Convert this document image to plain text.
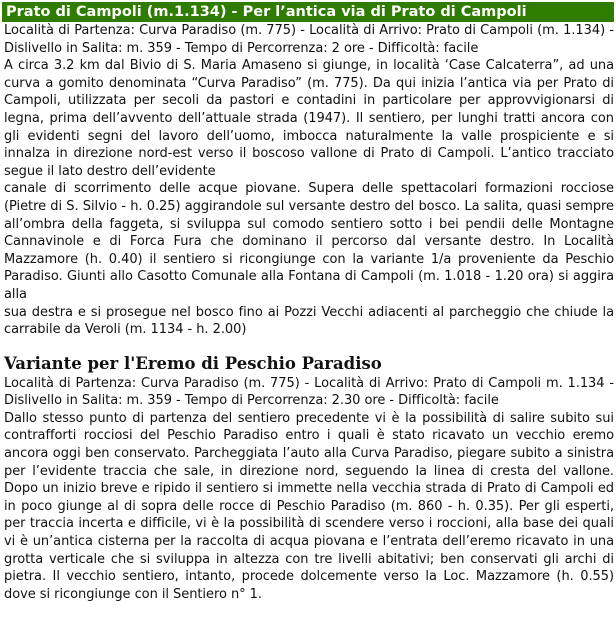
Prato di Campoli (m.1.134) - Per l’antica via di Prato di Campoli

Località di Partenza: Curva Paradiso (m. 775) - Località di Arrivo: Prato di Campoli (m. 1.134) - Dislivello in Salita: m. 359 - Tempo di Percorrenza: 2 ore - Difficoltà: facile

A circa 3.2 km dal Bivio di S. Maria Amaseno si giunge, in località ‘Case Calcaterra”, ad una curva a gomito denominata “Curva Paradiso” (m. 775). Da qui inizia l’antica via per Prato di Campoli, utilizzata per secoli da pastori e contadini in particolare per approvvigionarsi di legna, prima dell’avvento dell’attuale strada (1947). Il sentiero, per lunghi tratti ancora con gli evidenti segni del lavoro dell’uomo, imbocca naturalmente la valle prospiciente e si innalza in direzione nord-est verso il boscoso vallone di Prato di Campoli. L’antico tracciato segue il lato destro dell’evidente

canale di scorrimento delle acque piovane. Supera delle spettacolari formazioni rocciose (Pietre di S. Silvio - h. 0.25) aggirandole sul versante destro del bosco. La salita, quasi sempre all’ombra della faggeta, si sviluppa sul comodo sentiero sotto i bei pendii delle Montagne Cannavinole e di Forca Fura che dominano il percorso dal versante destro. In Località Mazzamore (h. 0.40) il sentiero si ricongiunge con la variante 1/a proveniente da Peschio Paradiso. Giunti allo Casotto Comunale alla Fontana di Campoli (m. 1.018 - 1.20 ora) si aggira alla

sua destra e si prosegue nel bosco fino ai Pozzi Vecchi adiacenti al parcheggio che chiude la carrabile da Veroli (m. 1134 - h. 2.00)

Variante per l'Eremo di Peschio Paradiso

Località di Partenza: Curva Paradiso (m. 775) - Località di Arrivo: Prato di Campoli m. 1.134 - Dislivello in Salita: m. 359 - Tempo di Percorrenza: 2.30 ore - Difficoltà: facile

Dallo stesso punto di partenza del sentiero precedente vi è la possibilità di salire subito sui contrafforti rocciosi del Peschio Paradiso entro i quali è stato ricavato un vecchio eremo ancora oggi ben conservato. Parcheggiata l’auto alla Curva Paradiso, piegare subito a sinistra per l’evidente traccia che sale, in direzione nord, seguendo la linea di cresta del vallone. Dopo un inizio breve e ripido il sentiero si immette nella vecchia strada di Prato di Campoli ed in poco giunge al di sopra delle rocce di Peschio Paradiso (m. 860 - h. 0.35). Per gli esperti, per traccia incerta e difficile, vi è la possibilità di scendere verso i roccioni, alla base dei quali vi è un’antica cisterna per la raccolta di acqua piovana e l’entrata dell’eremo ricavato in una grotta verticale che si sviluppa in altezza con tre livelli abitativi; ben conservati gli archi di pietra. Il vecchio sentiero, intanto, procede dolcemente verso la Loc. Mazzamore (h. 0.55) dove si ricongiunge con il Sentiero n° 1.
